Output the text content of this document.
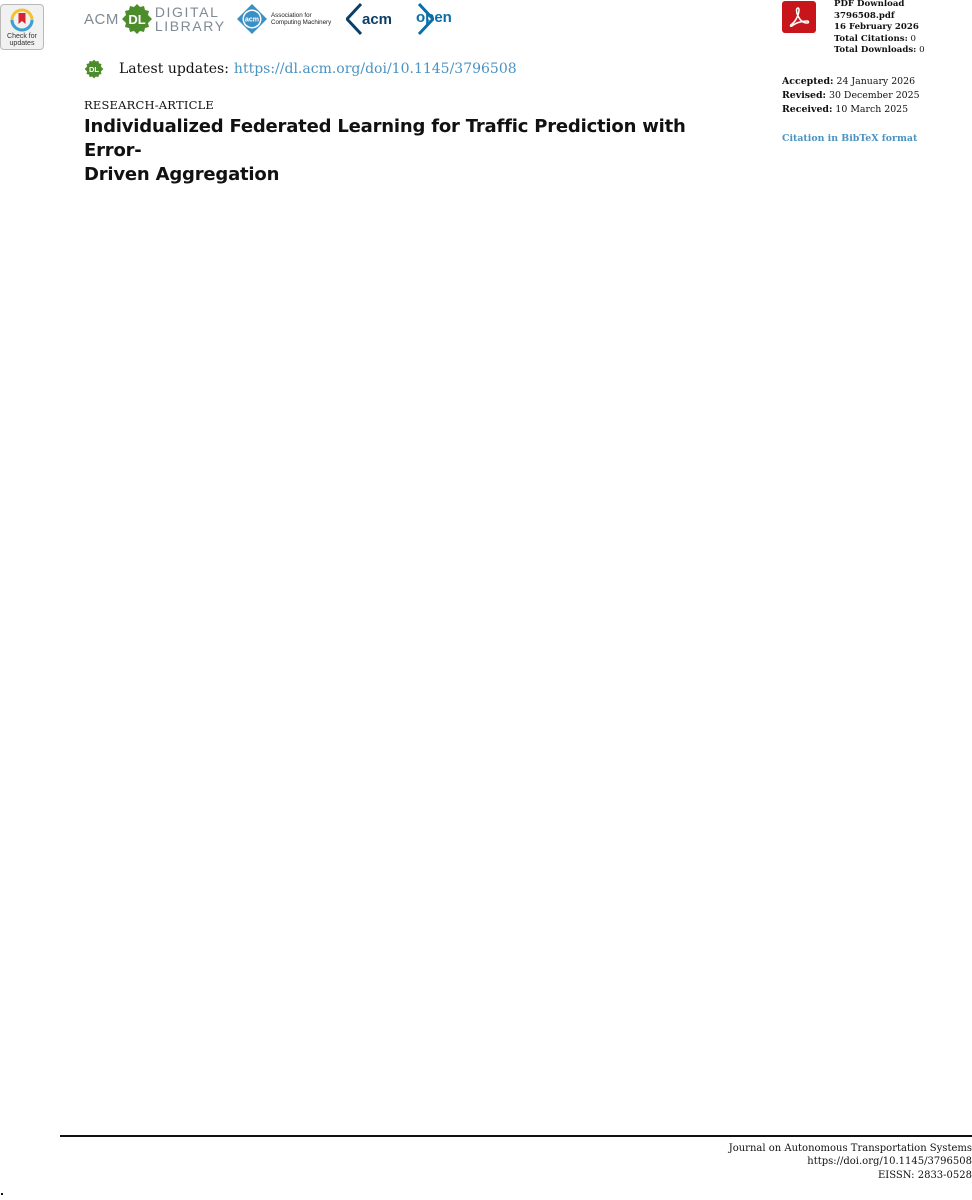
Check for updates
ACM DL DIGITAL
LIBRARY	acm
Association for
Computing Machinery acm open
PDF Download
3796508.pdf
16 February 2026
Total Citations: 0
Total Downloads: 0
Accepted: 24 January 2026
Revised: 30 December 2025
Received: 10 March 2025
Citation in BibTeX format
DL Latest updates: https://dl.acm.org/doi/10.1145/3796508
RESEARCH-ARTICLE
Individualized Federated Learning for Traffic Prediction with Error-
Driven Aggregation
Journal on Autonomous Transportation Systems
https://doi.org/10.1145/3796508
EISSN: 2833-0528
